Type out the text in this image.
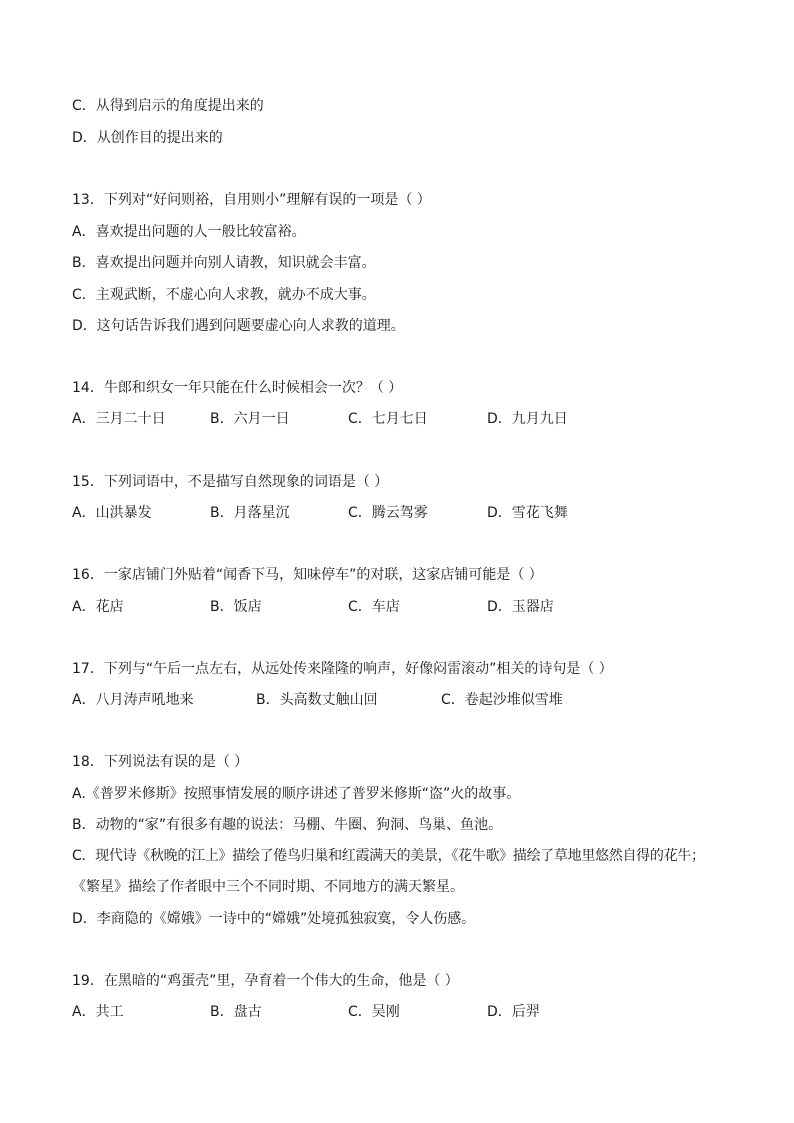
C．从得到启示的角度提出来的
D．从创作目的提出来的
13．下列对“好问则裕，自用则小”理解有误的一项是（ ）
A．喜欢提出问题的人一般比较富裕。
B．喜欢提出问题并向别人请教，知识就会丰富。
C．主观武断，不虚心向人求教，就办不成大事。
D．这句话告诉我们遇到问题要虚心向人求教的道理。
14．牛郎和织女一年只能在什么时候相会一次？（ ）
A．三月二十日	B．六月一日	C．七月七日	D．九月九日
15．下列词语中，不是描写自然现象的词语是（ ）
A．山洪暴发	B．月落星沉	C．腾云驾雾	D．雪花飞舞
16．一家店铺门外贴着“闻香下马，知味停车”的对联，这家店铺可能是（ ）
A．花店	B．饭店	C．车店	D．玉器店
17．下列与“午后一点左右，从远处传来隆隆的响声，好像闷雷滚动”相关的诗句是（ ）
A．八月涛声吼地来	B．头高数丈触山回	C．卷起沙堆似雪堆
18．下列说法有误的是（ ）
A.《普罗米修斯》按照事情发展的顺序讲述了普罗米修斯“盗”火的故事。
B．动物的“家”有很多有趣的说法：马棚、牛圈、狗洞、鸟巢、鱼池。
C．现代诗《秋晚的江上》描绘了倦鸟归巢和红霞满天的美景，《花牛歌》描绘了草地里悠然自得的花牛；
《繁星》描绘了作者眼中三个不同时期、不同地方的满天繁星。
D．李商隐的《嫦娥》一诗中的“嫦娥”处境孤独寂寞，令人伤感。
19．在黑暗的“鸡蛋壳”里，孕育着一个伟大的生命，他是（ ）
A．共工	B．盘古	C．吴刚	D．后羿
